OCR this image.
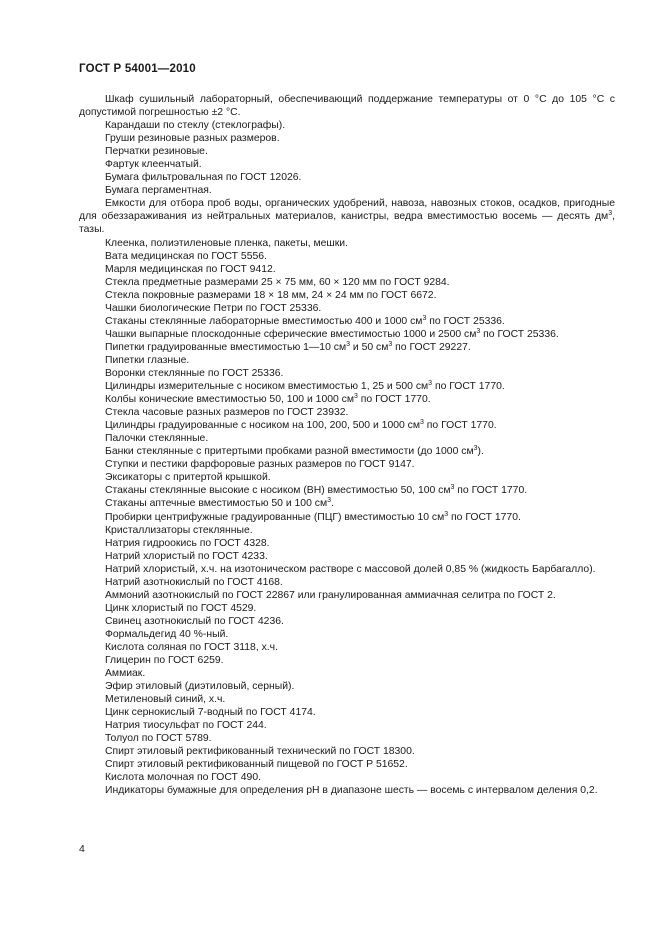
ГОСТ Р 54001—2010

Шкаф сушильный лабораторный, обеспечивающий поддержание температуры от 0 °С до 105 °С с допустимой погрешностью ±2 °С.

Карандаши по стеклу (стеклографы).

Груши резиновые разных размеров.

Перчатки резиновые.

Фартук клеенчатый.

Бумага фильтровальная по ГОСТ 12026.

Бумага пергаментная.

Емкости для отбора проб воды, органических удобрений, навоза, навозных стоков, осадков, пригодные для обеззараживания из нейтральных материалов, канистры, ведра вместимостью восемь — десять $дм^3$, тазы.

Клеенка, полиэтиленовые пленка, пакеты, мешки.

Вата медицинская по ГОСТ 5556.

Марля медицинская по ГОСТ 9412.

Стекла предметные размерами 25 × 75 мм, 60 × 120 мм по ГОСТ 9284.

Стекла покровные размерами 18 × 18 мм, 24 × 24 мм по ГОСТ 6672.

Чашки биологические Петри по ГОСТ 25336.

Стаканы стеклянные лабораторные вместимостью 400 и 1000 $см^3$ по ГОСТ 25336.

Чашки выпарные плоскодонные сферические вместимостью 1000 и 2500 $см^3$ по ГОСТ 25336.

Пипетки градуированные вместимостью 1—10 $см^3$ и 50 $см^3$ по ГОСТ 29227.

Пипетки глазные.

Воронки стеклянные по ГОСТ 25336.

Цилиндры измерительные с носиком вместимостью 1, 25 и 500 $см^3$ по ГОСТ 1770.

Колбы конические вместимостью 50, 100 и 1000 $см^3$ по ГОСТ 1770.

Стекла часовые разных размеров по ГОСТ 23932.

Цилиндры градуированные с носиком на 100, 200, 500 и 1000 $см^3$ по ГОСТ 1770.

Палочки стеклянные.

Банки стеклянные с притертыми пробками разной вместимости (до 1000 $см^3$).

Ступки и пестики фарфоровые разных размеров по ГОСТ 9147.

Эксикаторы с притертой крышкой.

Стаканы стеклянные высокие с носиком (ВН) вместимостью 50, 100 $см^3$ по ГОСТ 1770.

Стаканы аптечные вместимостью 50 и 100 $см^3$.

Пробирки центрифужные градуированные (ПЦГ) вместимостью 10 $см^3$ по ГОСТ 1770.

Кристаллизаторы стеклянные.

Натрия гидроокись по ГОСТ 4328.

Натрий хлористый по ГОСТ 4233.

Натрий хлористый, х.ч. на изотоническом растворе с массовой долей 0,85 % (жидкость Барбагалло).

Натрий азотнокислый по ГОСТ 4168.

Аммоний азотнокислый по ГОСТ 22867 или гранулированная аммиачная селитра по ГОСТ 2.

Цинк хлористый по ГОСТ 4529.

Свинец азотнокислый по ГОСТ 4236.

Формальдегид 40 %-ный.

Кислота соляная по ГОСТ 3118, х.ч.

Глицерин по ГОСТ 6259.

Аммиак.

Эфир этиловый (диэтиловый, серный).

Метиленовый синий, х.ч.

Цинк сернокислый 7-водный по ГОСТ 4174.

Натрия тиосульфат по ГОСТ 244.

Толуол по ГОСТ 5789.

Спирт этиловый ректификованный технический по ГОСТ 18300.

Спирт этиловый ректификованный пищевой по ГОСТ Р 51652.

Кислота молочная по ГОСТ 490.

Индикаторы бумажные для определения pH в диапазоне шесть — восемь с интервалом деления 0,2.

4
